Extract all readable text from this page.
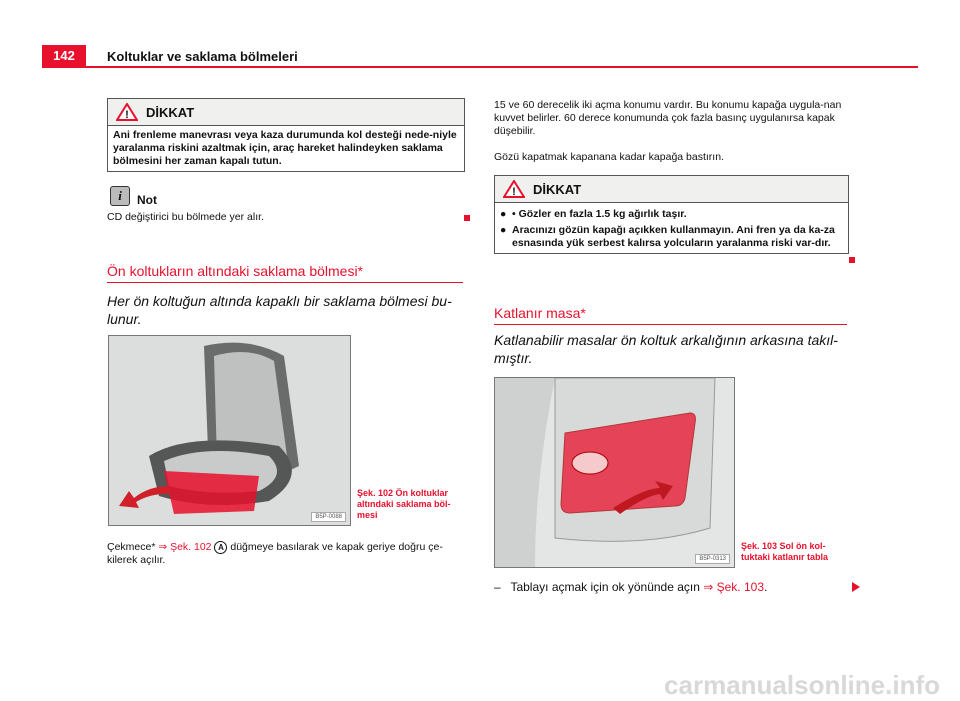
142	Koltuklar ve saklama bölmeleri
! DİKKAT
Ani frenleme manevrası veya kaza durumunda kol desteği nede-niyle yaralanma riskini azaltmak için, araç hareket halindeyken saklama bölmesini her zaman kapalı tutun.
i	Not
CD değiştirici bu bölmede yer alır.
Ön koltukların altındaki saklama bölmesi*
Her ön koltuğun altında kapaklı bir saklama bölmesi bu-lunur.
B5P-0088
Şek. 102 Ön koltuklar altındaki saklama böl-mesi
Çekmece* ⇒ Şek. 102 A düğmeye basılarak ve kapak geriye doğru çe-kilerek açılır.
15 ve 60 derecelik iki açma konumu vardır. Bu konumu kapağa uygula-nan kuvvet belirler. 60 derece konumunda çok fazla basınç uygulanırsa kapak düşebilir.
Gözü kapatmak kapanana kadar kapağa bastırın.
! DİKKAT
● • Gözler en fazla 1.5 kg ağırlık taşır.
● Aracınızı gözün kapağı açıkken kullanmayın. Ani fren ya da ka-za esnasında yük serbest kalırsa yolcuların yaralanma riski var-dır.
Katlanır masa*
Katlanabilir masalar ön koltuk arkalığının arkasına takıl-mıştır.
B5P-0313
Şek. 103 Sol ön kol-tuktaki katlanır tabla
–   Tablayı açmak için ok yönünde açın ⇒ Şek. 103.
carmanualsonline.info
